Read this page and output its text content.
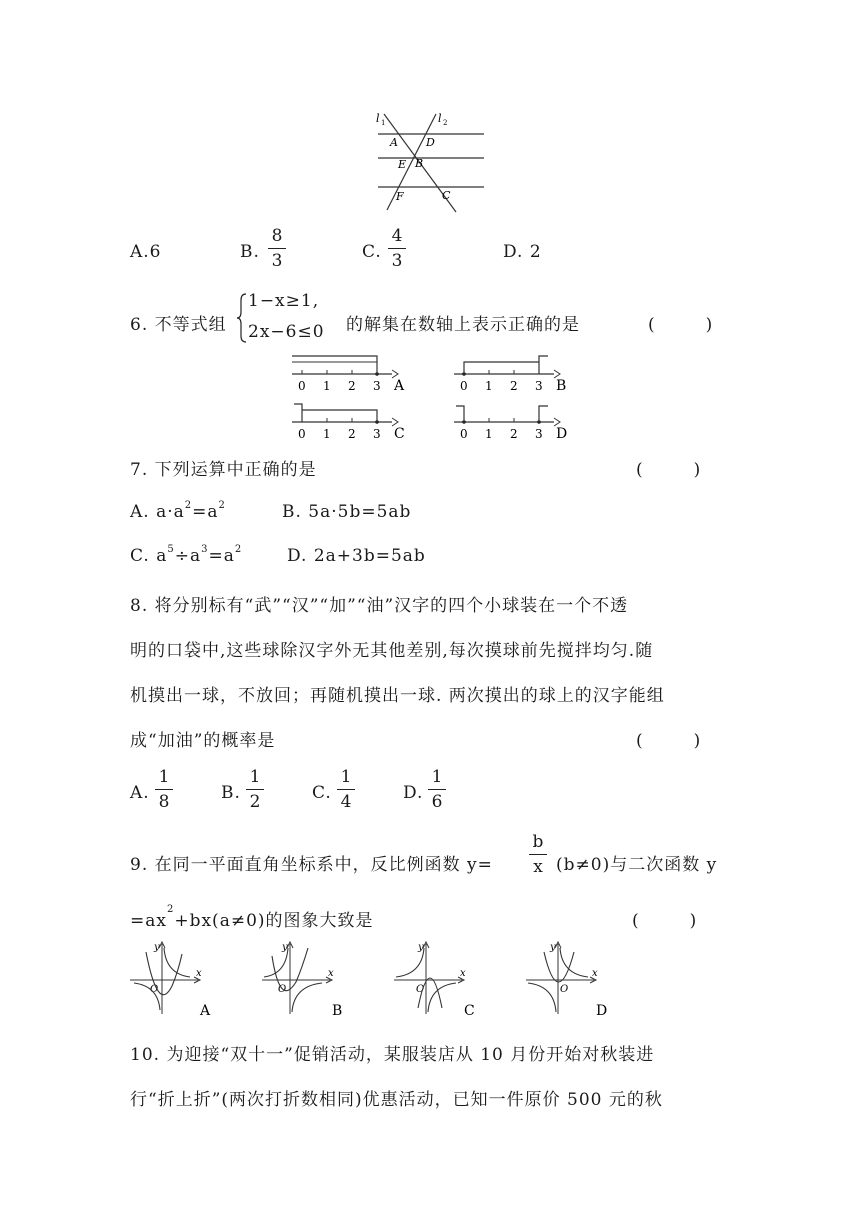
l 1	l 2
A	D
E B
F	C
A.6	B.
8
3	C.
4
3	D. 2
6. 不等式组
1−x≥1,
2x−6≤0 的解集在数轴上表示正确的是	(　　　)
0 1 2 3 A	0 1 2 3 B
0 1 2 3 C	0 1 2 3 D
7. 下列运算中正确的是	(　　　)
A. $a\cdot a^2=a^2$	B. 5a·5b=5ab
C. $a^5\div a^3=a^2$	D. 2a+3b=5ab
8. 将分别标有“武”“汉”“加”“油”汉字的四个小球装在一个不透
明的口袋中,这些球除汉字外无其他差别,每次摸球前先搅拌均匀.随
机摸出一球，不放回；再随机摸出一球. 两次摸出的球上的汉字能组
成“加油”的概率是	(　　　)
A.
1
8	B.
1
2	C.
1
4	D.
1
6
9. 在同一平面直角坐标系中，反比例函数 y=
b
x (b≠0)与二次函数 y
$=ax^2+bx(a\ne 0)$的图象大致是	(　　　)
y
x
O
A
y
x
O
B
y
x
O
C
y
x
O
D
10. 为迎接“双十一”促销活动，某服装店从 10 月份开始对秋装进
行“折上折”(两次打折数相同)优惠活动，已知一件原价 500 元的秋
